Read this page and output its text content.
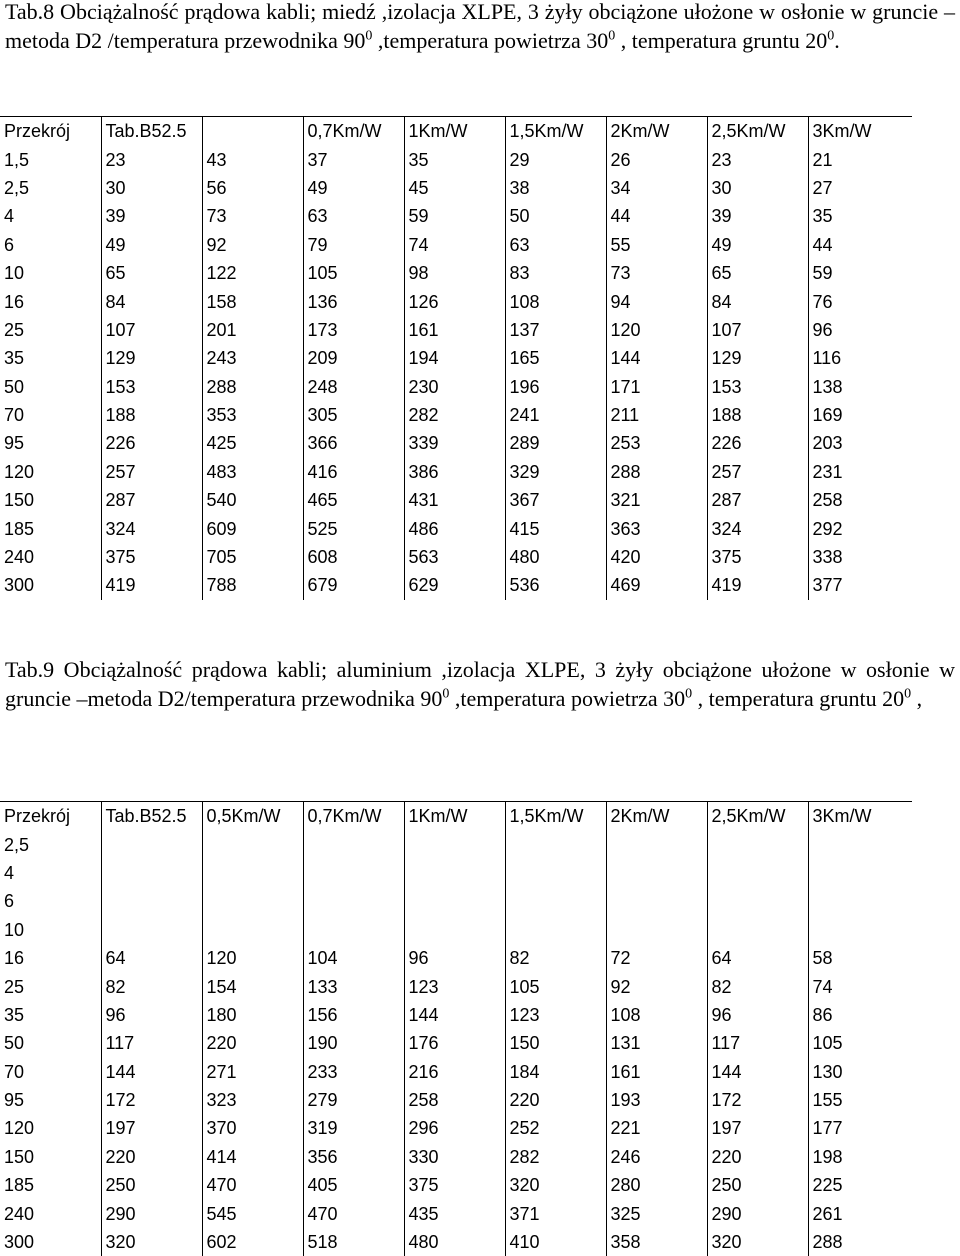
Tab.8 Obciążalność prądowa kabli; miedź ,izolacja XLPE, 3 żyły obciążone ułożone w osłonie w gruncie –metoda D2 /temperatura przewodnika $90^0$ ,temperatura powietrza $30^0$ , temperatura gruntu $20^0$.
Przekrój	Tab.B52.5		0,7Km/W	1Km/W	1,5Km/W	2Km/W	2,5Km/W	3Km/W
1,5	23	43	37	35	29	26	23	21
2,5	30	56	49	45	38	34	30	27
4	39	73	63	59	50	44	39	35
6	49	92	79	74	63	55	49	44
10	65	122	105	98	83	73	65	59
16	84	158	136	126	108	94	84	76
25	107	201	173	161	137	120	107	96
35	129	243	209	194	165	144	129	116
50	153	288	248	230	196	171	153	138
70	188	353	305	282	241	211	188	169
95	226	425	366	339	289	253	226	203
120	257	483	416	386	329	288	257	231
150	287	540	465	431	367	321	287	258
185	324	609	525	486	415	363	324	292
240	375	705	608	563	480	420	375	338
300	419	788	679	629	536	469	419	377
Tab.9 Obciążalność prądowa kabli; aluminium ,izolacja XLPE, 3 żyły obciążone ułożone w osłonie w gruncie –metoda D2/temperatura przewodnika $90^0$ ,temperatura powietrza $30^0$ , temperatura gruntu $20^0$ ,
Przekrój	Tab.B52.5	0,5Km/W	0,7Km/W	1Km/W	1,5Km/W	2Km/W	2,5Km/W	3Km/W
2,5								
4								
6								
10								
16	64	120	104	96	82	72	64	58
25	82	154	133	123	105	92	82	74
35	96	180	156	144	123	108	96	86
50	117	220	190	176	150	131	117	105
70	144	271	233	216	184	161	144	130
95	172	323	279	258	220	193	172	155
120	197	370	319	296	252	221	197	177
150	220	414	356	330	282	246	220	198
185	250	470	405	375	320	280	250	225
240	290	545	470	435	371	325	290	261
300	320	602	518	480	410	358	320	288
